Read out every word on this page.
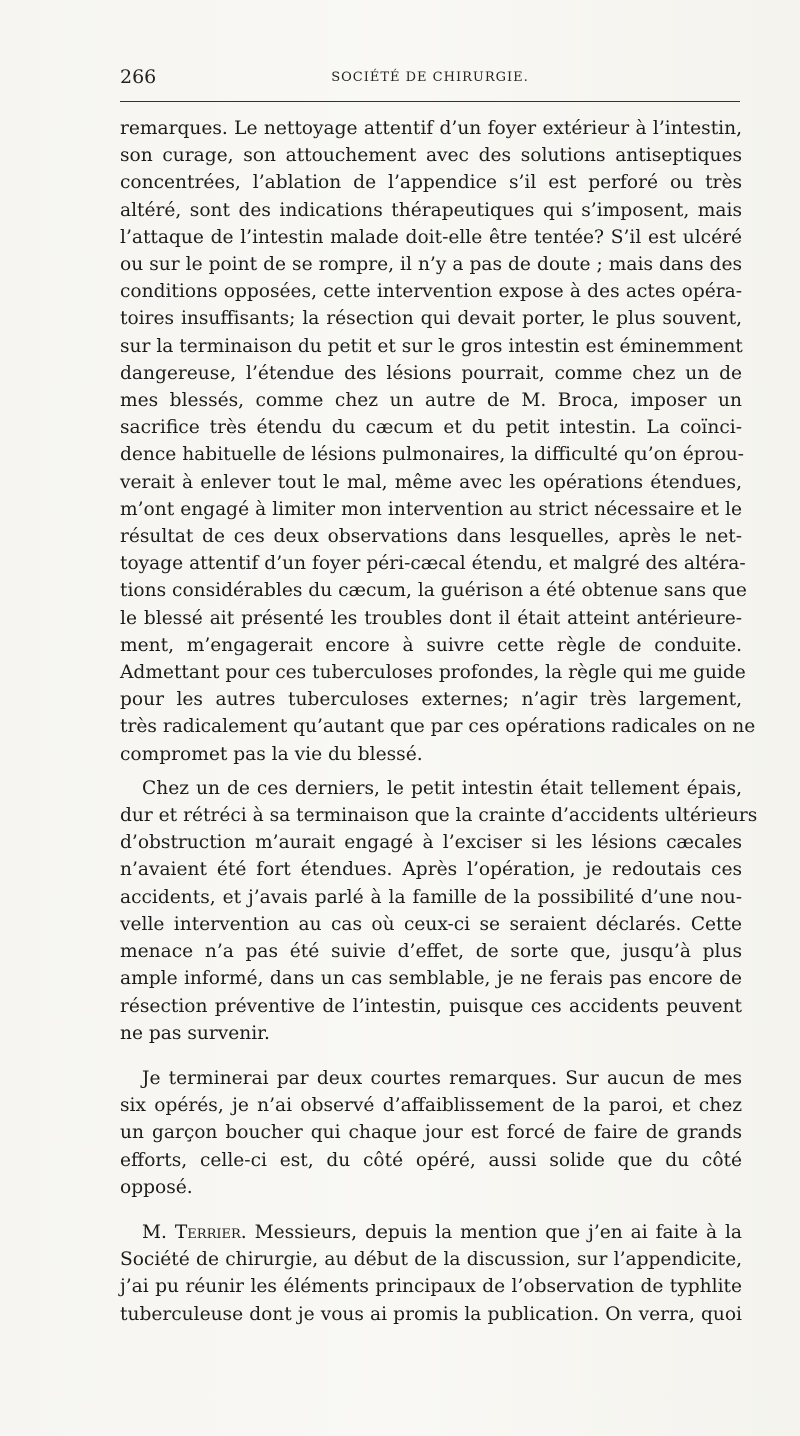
266	SOCIÉTÉ DE CHIRURGIE.

remarques. Le nettoyage attentif d’un foyer extérieur à l’intestin,
son curage, son attouchement avec des solutions antiseptiques
concentrées, l’ablation de l’appendice s’il est perforé ou très
altéré, sont des indications thérapeutiques qui s’imposent, mais
l’attaque de l’intestin malade doit-elle être tentée? S’il est ulcéré
ou sur le point de se rompre, il n’y a pas de doute ; mais dans des
conditions opposées, cette intervention expose à des actes opéra-
toires insuffisants; la résection qui devait porter, le plus souvent,
sur la terminaison du petit et sur le gros intestin est éminemment
dangereuse, l’étendue des lésions pourrait, comme chez un de
mes blessés, comme chez un autre de M. Broca, imposer un
sacrifice très étendu du cæcum et du petit intestin. La coïnci-
dence habituelle de lésions pulmonaires, la difficulté qu’on éprou-
verait à enlever tout le mal, même avec les opérations étendues,
m’ont engagé à limiter mon intervention au strict nécessaire et le
résultat de ces deux observations dans lesquelles, après le net-
toyage attentif d’un foyer péri-cæcal étendu, et malgré des altéra-
tions considérables du cæcum, la guérison a été obtenue sans que
le blessé ait présenté les troubles dont il était atteint antérieure-
ment, m’engagerait encore à suivre cette règle de conduite.
Admettant pour ces tuberculoses profondes, la règle qui me guide
pour les autres tuberculoses externes; n’agir très largement,
très radicalement qu’autant que par ces opérations radicales on ne
compromet pas la vie du blessé.

Chez un de ces derniers, le petit intestin était tellement épais,
dur et rétréci à sa terminaison que la crainte d’accidents ultérieurs
d’obstruction m’aurait engagé à l’exciser si les lésions cæcales
n’avaient été fort étendues. Après l’opération, je redoutais ces
accidents, et j’avais parlé à la famille de la possibilité d’une nou-
velle intervention au cas où ceux-ci se seraient déclarés. Cette
menace n’a pas été suivie d’effet, de sorte que, jusqu’à plus
ample informé, dans un cas semblable, je ne ferais pas encore de
résection préventive de l’intestin, puisque ces accidents peuvent
ne pas survenir.

Je terminerai par deux courtes remarques. Sur aucun de mes
six opérés, je n’ai observé d’affaiblissement de la paroi, et chez
un garçon boucher qui chaque jour est forcé de faire de grands
efforts, celle-ci est, du côté opéré, aussi solide que du côté
opposé.

M. Terrier. Messieurs, depuis la mention que j’en ai faite à la
Société de chirurgie, au début de la discussion, sur l’appendicite,
j’ai pu réunir les éléments principaux de l’observation de typhlite
tuberculeuse dont je vous ai promis la publication. On verra, quoi
